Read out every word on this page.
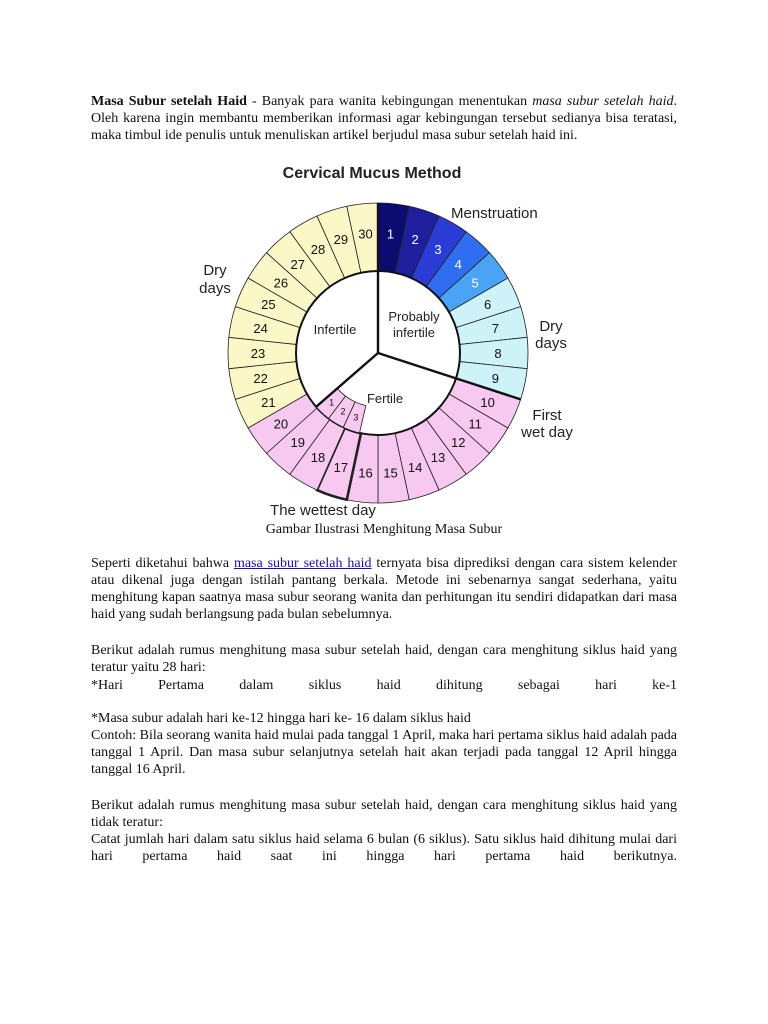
Masa Subur setelah Haid - Banyak para wanita kebingungan menentukan masa subur setelah haid. Oleh karena ingin membantu memberikan informasi agar kebingungan tersebut sedianya bisa teratasi, maka timbul ide penulis untuk menuliskan artikel berjudul masa subur setelah haid ini.

Cervical Mucus Method
1 2
3
4
5
6
7
8
9
10
11
12
13
14
15
16
17
18
19
20
21
22
23
24
25
26
27
28
29 30
1
2
3
Infertile
Probably
infertile
Fertile
Menstruation
Dry
days
Dry
days
First
wet day
The wettest day
Gambar Ilustrasi Menghitung Masa Subur

Seperti diketahui bahwa masa subur setelah haid ternyata bisa diprediksi dengan cara sistem kelender atau dikenal juga dengan istilah pantang berkala. Metode ini sebenarnya sangat sederhana, yaitu menghitung kapan saatnya masa subur seorang wanita dan perhitungan itu sendiri didapatkan dari masa haid yang sudah berlangsung pada bulan sebelumnya.

Berikut adalah rumus menghitung masa subur setelah haid, dengan cara menghitung siklus haid yang teratur yaitu 28 hari:

*Hari Pertama dalam siklus haid dihitung sebagai hari ke-1

*Masa subur adalah hari ke-12 hingga hari ke- 16 dalam siklus haid

Contoh: Bila seorang wanita haid mulai pada tanggal 1 April, maka hari pertama siklus haid adalah pada tanggal 1 April. Dan masa subur selanjutnya setelah hait akan terjadi pada tanggal 12 April hingga tanggal 16 April.

Berikut adalah rumus menghitung masa subur setelah haid, dengan cara menghitung siklus haid yang tidak teratur:

Catat jumlah hari dalam satu siklus haid selama 6 bulan (6 siklus). Satu siklus haid dihitung mulai dari hari pertama haid saat ini hingga hari pertama haid berikutnya.
